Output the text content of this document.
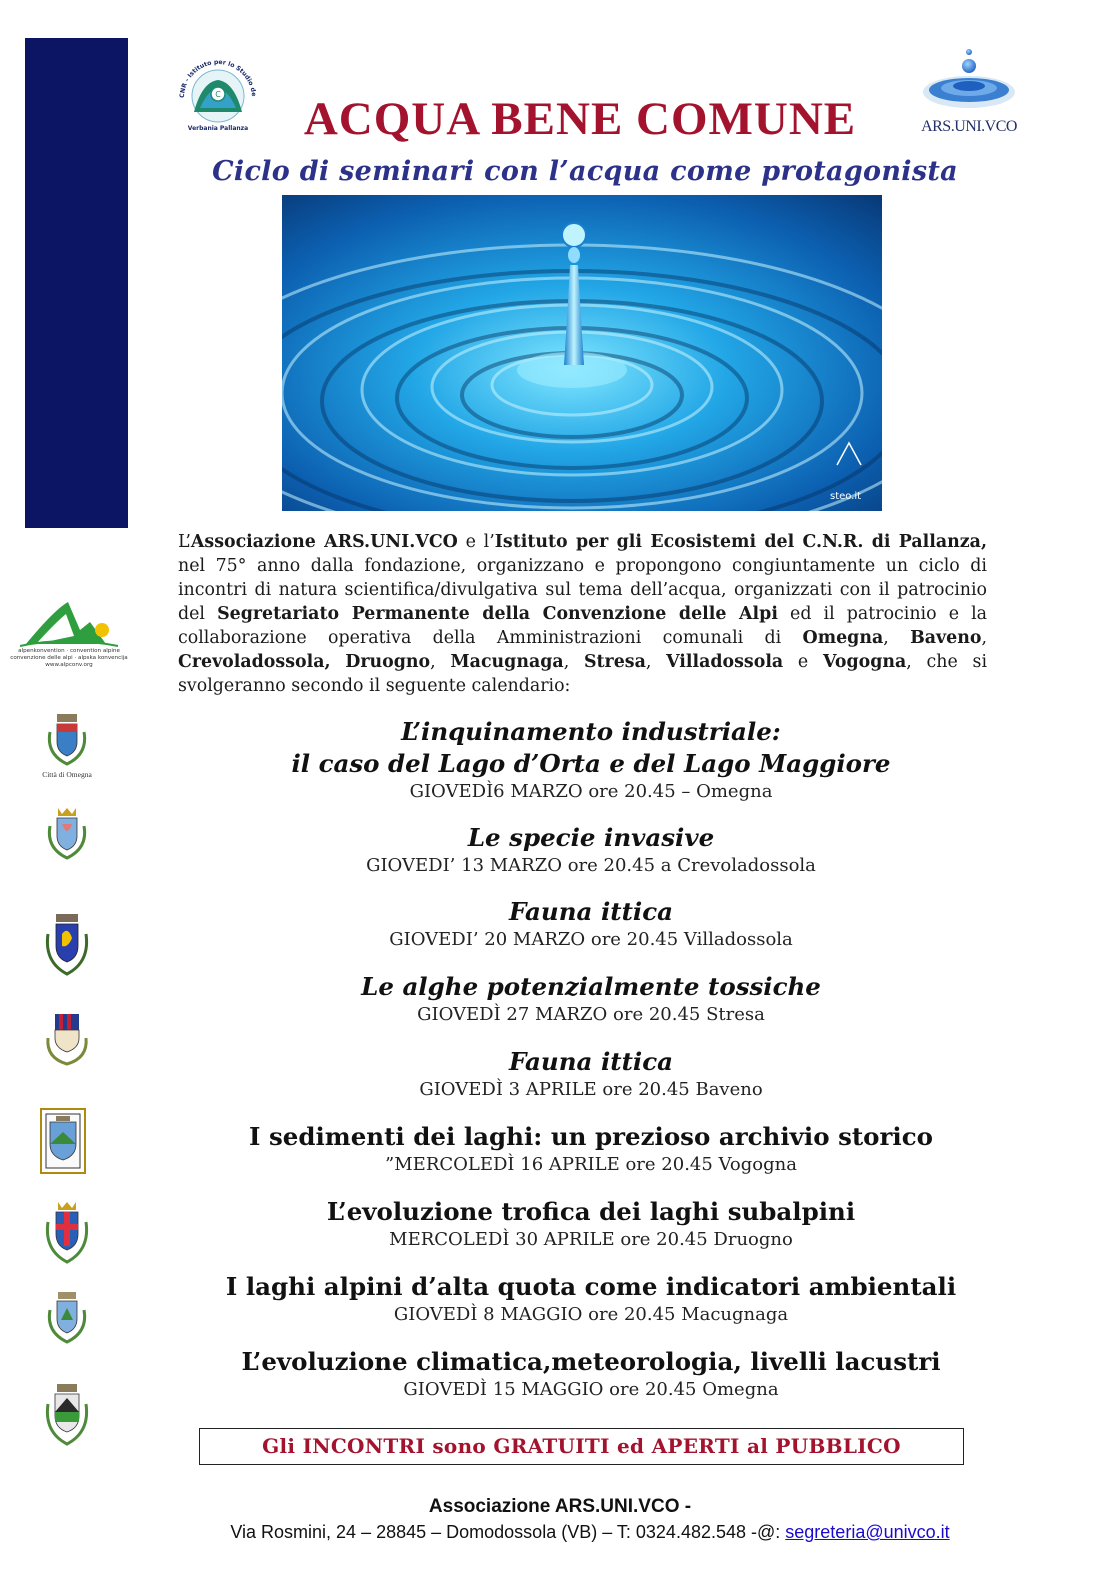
C
CNR - Istituto per lo Studio de
Verbania Pallanza	ACQUA BENE COMUNE	ARS.UNI.VCO
Ciclo di seminari con l’acqua come protagonista
steo.it
alpenkonvention · convention alpine
convenzione delle alpi · alpska konvencija
www.alpconv.org
Città di Omegna
L’Associazione ARS.UNI.VCO e l’Istituto per gli Ecosistemi del C.N.R. di Pallanza, nel 75° anno dalla fondazione, organizzano e propongono congiuntamente un ciclo di incontri di natura scientifica/divulgativa sul tema dell’acqua, organizzati con il patrocinio del Segretariato Permanente della Convenzione delle Alpi ed il patrocinio e la collaborazione operativa della Amministrazioni comunali di Omegna, Baveno, Crevoladossola, Druogno, Macugnaga, Stresa, Villadossola e Vogogna, che si svolgeranno secondo il seguente calendario:
L’inquinamento industriale:
il caso del Lago d’Orta e del Lago Maggiore
GIOVEDÌ6 MARZO ore 20.45 – Omegna
Le specie invasive
GIOVEDI’ 13 MARZO ore 20.45 a Crevoladossola
Fauna ittica
GIOVEDI’ 20 MARZO ore 20.45 Villadossola
Le alghe potenzialmente tossiche
GIOVEDÌ 27 MARZO ore 20.45 Stresa
Fauna ittica
GIOVEDÌ 3 APRILE ore 20.45 Baveno
I sedimenti dei laghi: un prezioso archivio storico
”MERCOLEDÌ 16 APRILE ore 20.45 Vogogna
L’evoluzione trofica dei laghi subalpini
MERCOLEDÌ 30 APRILE ore 20.45 Druogno
I laghi alpini d’alta quota come indicatori ambientali
GIOVEDÌ 8 MAGGIO ore 20.45 Macugnaga
L’evoluzione climatica,meteorologia, livelli lacustri
GIOVEDÌ 15 MAGGIO ore 20.45 Omegna
Gli INCONTRI sono GRATUITI ed APERTI al PUBBLICO
Associazione ARS.UNI.VCO -
Via Rosmini, 24 – 28845 – Domodossola (VB) – T: 0324.482.548 -@: segreteria@univco.it
